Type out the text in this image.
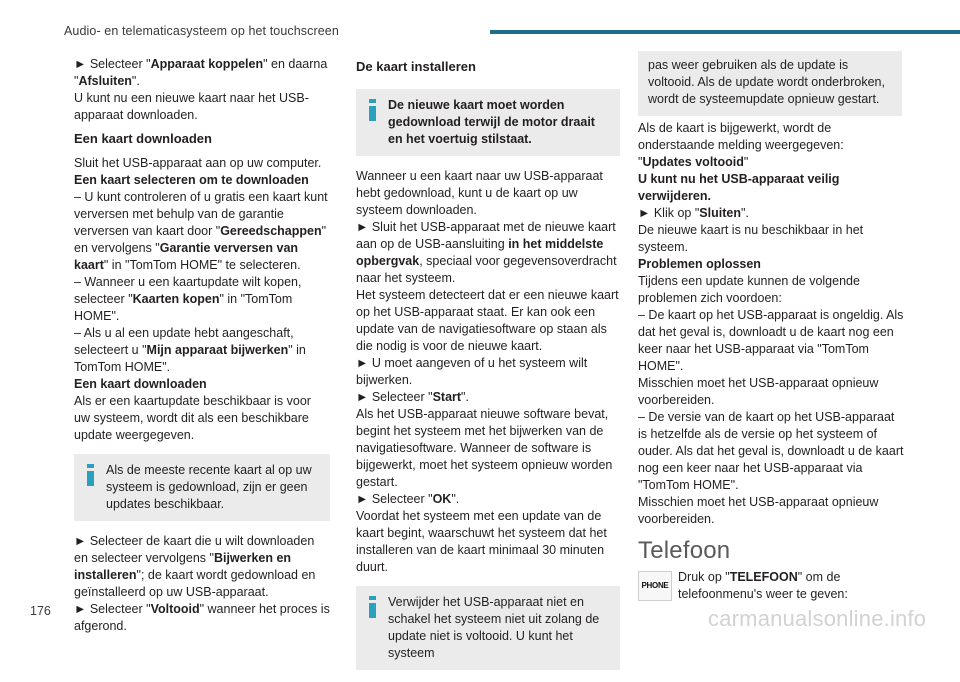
Audio- en telematicasysteem op het touchscreen

► Selecteer "Apparaat koppelen" en daarna "Afsluiten".

U kunt nu een nieuwe kaart naar het USB-apparaat downloaden.

Een kaart downloaden

Sluit het USB-apparaat aan op uw computer.

Een kaart selecteren om te downloaden

– U kunt controleren of u gratis een kaart kunt verversen met behulp van de garantie verversen van kaart door "Gereedschappen" en vervolgens "Garantie verversen van kaart" in "TomTom HOME" te selecteren.

– Wanneer u een kaartupdate wilt kopen, selecteer "Kaarten kopen" in "TomTom HOME".

– Als u al een update hebt aangeschaft, selecteert u "Mijn apparaat bijwerken" in TomTom HOME".

Een kaart downloaden

Als er een kaartupdate beschikbaar is voor uw systeem, wordt dit als een beschikbare update weergegeven.

Als de meeste recente kaart al op uw systeem is gedownload, zijn er geen updates beschikbaar.

► Selecteer de kaart die u wilt downloaden en selecteer vervolgens "Bijwerken en installeren"; de kaart wordt gedownload en geïnstalleerd op uw USB-apparaat.

► Selecteer "Voltooid" wanneer het proces is afgerond.

De kaart installeren

De nieuwe kaart moet worden gedownload terwijl de motor draait en het voertuig stilstaat.

Wanneer u een kaart naar uw USB-apparaat hebt gedownload, kunt u de kaart op uw systeem downloaden.

► Sluit het USB-apparaat met de nieuwe kaart aan op de USB-aansluiting in het middelste opbergvak, speciaal voor gegevensoverdracht naar het systeem.

Het systeem detecteert dat er een nieuwe kaart op het USB-apparaat staat. Er kan ook een update van de navigatiesoftware op staan als die nodig is voor de nieuwe kaart.

► U moet aangeven of u het systeem wilt bijwerken.

► Selecteer "Start".

Als het USB-apparaat nieuwe software bevat, begint het systeem met het bijwerken van de navigatiesoftware. Wanneer de software is bijgewerkt, moet het systeem opnieuw worden gestart.

► Selecteer "OK".

Voordat het systeem met een update van de kaart begint, waarschuwt het systeem dat het installeren van de kaart minimaal 30 minuten duurt.

Verwijder het USB-apparaat niet en schakel het systeem niet uit zolang de update niet is voltooid. U kunt het systeem

pas weer gebruiken als de update is voltooid. Als de update wordt onderbroken, wordt de systeemupdate opnieuw gestart.

Als de kaart is bijgewerkt, wordt de onderstaande melding weergegeven:

"Updates voltooid"

U kunt nu het USB-apparaat veilig verwijderen.

► Klik op "Sluiten".

De nieuwe kaart is nu beschikbaar in het systeem.

Problemen oplossen

Tijdens een update kunnen de volgende problemen zich voordoen:

– De kaart op het USB-apparaat is ongeldig. Als dat het geval is, downloadt u de kaart nog een keer naar het USB-apparaat via "TomTom HOME".

Misschien moet het USB-apparaat opnieuw voorbereiden.

– De versie van de kaart op het USB-apparaat is hetzelfde als de versie op het systeem of ouder. Als dat het geval is, downloadt u de kaart nog een keer naar het USB-apparaat via "TomTom HOME".

Misschien moet het USB-apparaat opnieuw voorbereiden.

Telefoon

PHONE

Druk op "TELEFOON" om de telefoonmenu's weer te geven:

176	carmanualsonline.info
